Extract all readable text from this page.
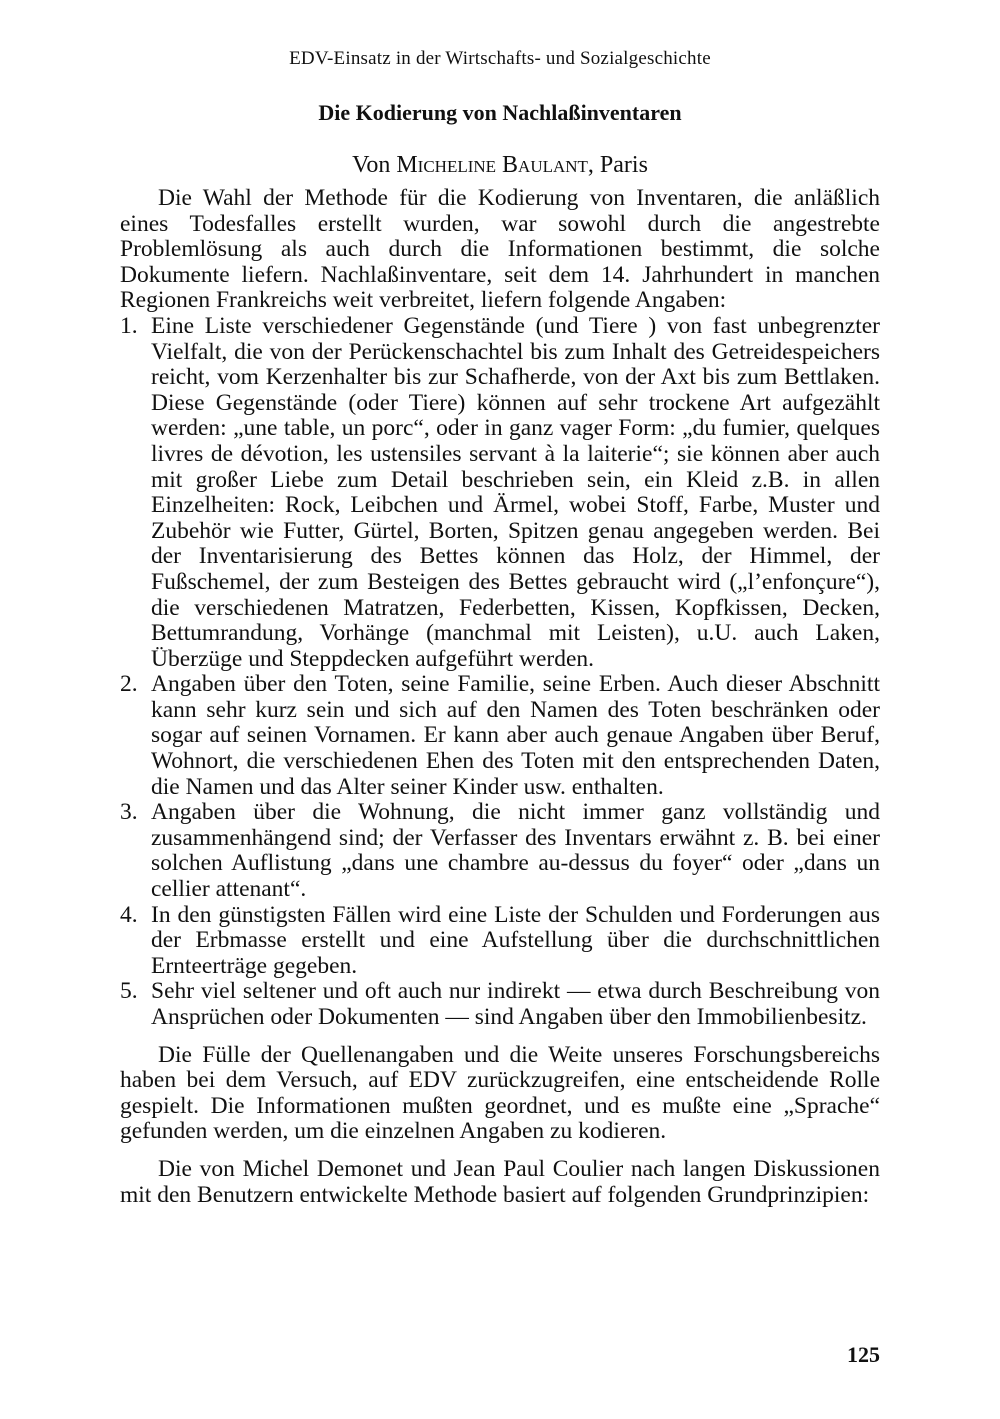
EDV-Einsatz in der Wirtschafts- und Sozialgeschichte
Die Kodierung von Nachlaßinventaren
Von Micheline Baulant, Paris

Die Wahl der Methode für die Kodierung von Inventaren, die anläßlich eines Todesfalles erstellt wurden, war sowohl durch die angestrebte Problemlösung als auch durch die Informationen bestimmt, die solche Dokumente liefern. Nachlaßinventare, seit dem 14. Jahrhundert in manchen Regionen Frankreichs weit verbreitet, liefern folgende Angaben:

1. Eine Liste verschiedener Gegenstände (und Tiere ) von fast unbegrenzter Vielfalt, die von der Perückenschachtel bis zum Inhalt des Getreidespeichers reicht, vom Kerzenhalter bis zur Schafherde, von der Axt bis zum Bettlaken. Diese Gegenstände (oder Tiere) können auf sehr trockene Art aufgezählt werden: „une table, un porc“, oder in ganz vager Form: „du fumier, quelques livres de dévotion, les ustensiles servant à la laiterie“; sie können aber auch mit großer Liebe zum Detail beschrieben sein, ein Kleid z.B. in allen Einzelheiten: Rock, Leibchen und Ärmel, wobei Stoff, Farbe, Muster und Zubehör wie Futter, Gürtel, Borten, Spitzen genau angegeben werden. Bei der Inventarisierung des Bettes können das Holz, der Himmel, der Fußschemel, der zum Besteigen des Bettes gebraucht wird („l’enfonçure“), die verschiedenen Matratzen, Federbetten, Kissen, Kopfkissen, Decken, Bettumrandung, Vorhänge (manchmal mit Leisten), u.U. auch Laken, Überzüge und Steppdecken aufgeführt werden.
2. Angaben über den Toten, seine Familie, seine Erben. Auch dieser Abschnitt kann sehr kurz sein und sich auf den Namen des Toten beschränken oder sogar auf seinen Vornamen. Er kann aber auch genaue Angaben über Beruf, Wohnort, die verschiedenen Ehen des Toten mit den entsprechenden Daten, die Namen und das Alter seiner Kinder usw. enthalten.
3. Angaben über die Wohnung, die nicht immer ganz vollständig und zusammenhängend sind; der Verfasser des Inventars erwähnt z. B. bei einer solchen Auflistung „dans une chambre au-dessus du foyer“ oder „dans un cellier attenant“.
4. In den günstigsten Fällen wird eine Liste der Schulden und Forderungen aus der Erbmasse erstellt und eine Aufstellung über die durchschnittlichen Ernteerträge gegeben.
5. Sehr viel seltener und oft auch nur indirekt — etwa durch Beschreibung von Ansprüchen oder Dokumenten — sind Angaben über den Immobilienbesitz.

Die Fülle der Quellenangaben und die Weite unseres Forschungsbereichs haben bei dem Versuch, auf EDV zurückzugreifen, eine entscheidende Rolle gespielt. Die Informationen mußten geordnet, und es mußte eine „Sprache“ gefunden werden, um die einzelnen Angaben zu kodieren.

Die von Michel Demonet und Jean Paul Coulier nach langen Diskussionen mit den Benutzern entwickelte Methode basiert auf folgenden Grundprinzipien:

125
